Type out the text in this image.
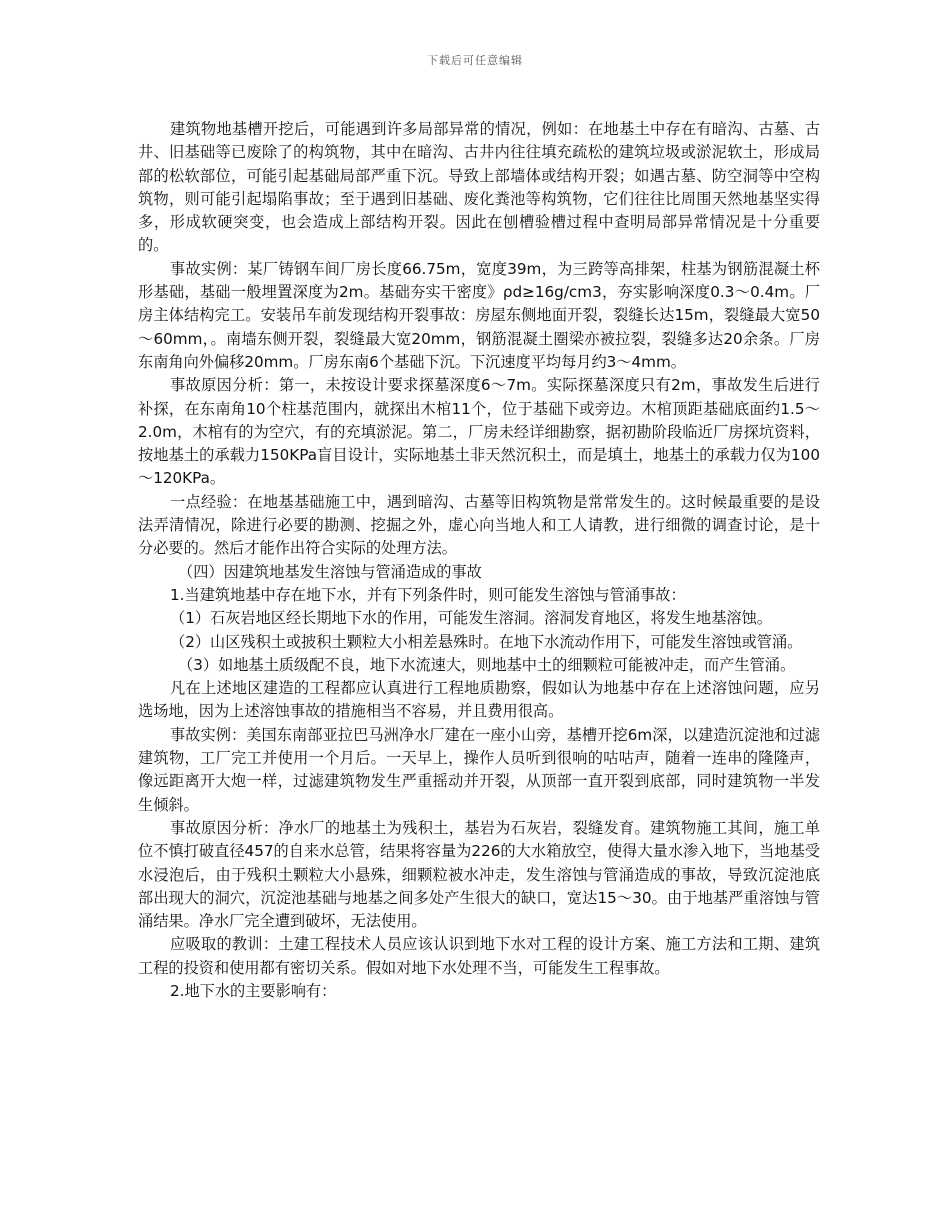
下载后可任意编辑

建筑物地基槽开挖后，可能遇到许多局部异常的情况，例如：在地基土中存在有暗沟、古墓、古井、旧基础等已废除了的构筑物，其中在暗沟、古井内往往填充疏松的建筑垃圾或淤泥软土，形成局部的松软部位，可能引起基础局部严重下沉。导致上部墙体或结构开裂；如遇古墓、防空洞等中空构筑物，则可能引起塌陷事故；至于遇到旧基础、废化粪池等构筑物，它们往往比周围天然地基坚实得多，形成软硬突变，也会造成上部结构开裂。因此在刨槽验槽过程中查明局部异常情况是十分重要的。

事故实例：某厂铸钢车间厂房长度66.75m，宽度39m，为三跨等高排架，柱基为钢筋混凝土杯形基础，基础一般埋置深度为2m。基础夯实干密度》ρd≥16g/cm3，夯实影响深度0.3～0.4m。厂房主体结构完工。安装吊车前发现结构开裂事故：房屋东侧地面开裂，裂缝长达15m，裂缝最大宽50～60mm，。南墙东侧开裂，裂缝最大宽20mm，钢筋混凝土圈梁亦被拉裂，裂缝多达20余条。厂房东南角向外偏移20mm。厂房东南6个基础下沉。下沉速度平均每月约3～4mm。

事故原因分析：第一，未按设计要求探墓深度6～7m。实际探墓深度只有2m，事故发生后进行补探，在东南角10个柱基范围内，就探出木棺11个，位于基础下或旁边。木棺顶距基础底面约1.5～2.0m，木棺有的为空穴，有的充填淤泥。第二，厂房未经详细勘察，据初勘阶段临近厂房探坑资料，按地基土的承载力150KPa盲目设计，实际地基土非天然沉积土，而是填土，地基土的承载力仅为100～120KPa。

一点经验：在地基基础施工中，遇到暗沟、古墓等旧构筑物是常常发生的。这时候最重要的是设法弄清情况，除进行必要的勘测、挖掘之外，虚心向当地人和工人请教，进行细微的调查讨论，是十分必要的。然后才能作出符合实际的处理方法。

（四）因建筑地基发生溶蚀与管涌造成的事故

1.当建筑地基中存在地下水，并有下列条件时，则可能发生溶蚀与管涌事故：

（1）石灰岩地区经长期地下水的作用，可能发生溶洞。溶洞发育地区，将发生地基溶蚀。

（2）山区残积土或披积土颗粒大小相差悬殊时。在地下水流动作用下，可能发生溶蚀或管涌。

（3）如地基土质级配不良，地下水流速大，则地基中土的细颗粒可能被冲走，而产生管涌。

凡在上述地区建造的工程都应认真进行工程地质勘察，假如认为地基中存在上述溶蚀问题，应另选场地，因为上述溶蚀事故的措施相当不容易，并且费用很高。

事故实例：美国东南部亚拉巴马洲净水厂建在一座小山旁，基槽开挖6m深，以建造沉淀池和过滤建筑物，工厂完工并使用一个月后。一天早上，操作人员听到很响的咕咕声，随着一连串的隆隆声，像远距离开大炮一样，过滤建筑物发生严重摇动并开裂，从顶部一直开裂到底部，同时建筑物一半发生倾斜。

事故原因分析：净水厂的地基土为残积土，基岩为石灰岩，裂缝发育。建筑物施工其间，施工单位不慎打破直径457的自来水总管，结果将容量为226的大水箱放空，使得大量水渗入地下，当地基受水浸泡后，由于残积土颗粒大小悬殊，细颗粒被水冲走，发生溶蚀与管涌造成的事故，导致沉淀池底部出现大的洞穴，沉淀池基础与地基之间多处产生很大的缺口，宽达15～30。由于地基严重溶蚀与管涌结果。净水厂完全遭到破坏，无法使用。

应吸取的教训：土建工程技术人员应该认识到地下水对工程的设计方案、施工方法和工期、建筑工程的投资和使用都有密切关系。假如对地下水处理不当，可能发生工程事故。

2.地下水的主要影响有：
